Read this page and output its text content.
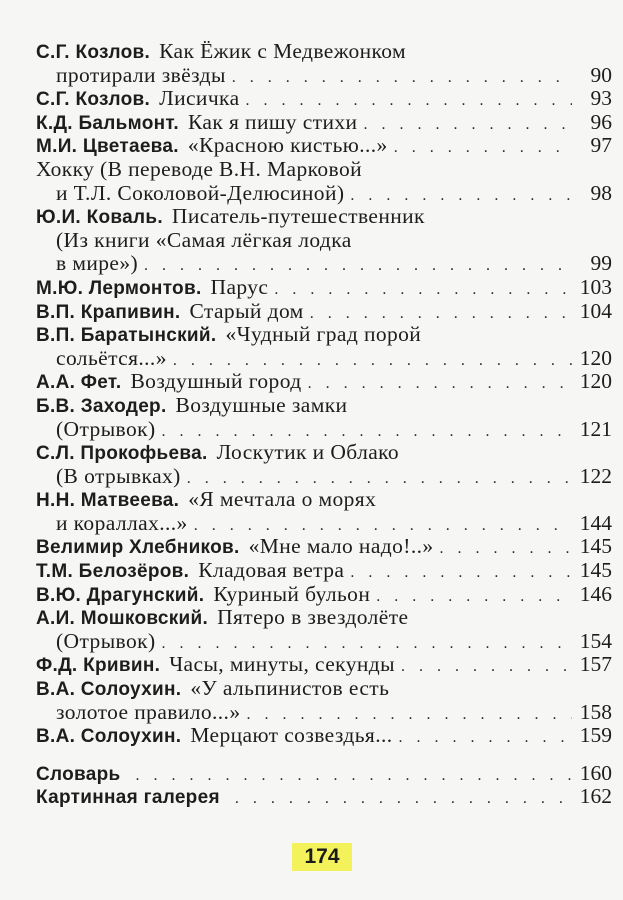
С.Г. Козлов. Как Ёжик с Медвежонком
протирали звёзды . . .	90
С.Г. Козлов. Лисичка . . .	93
К.Д. Бальмонт. Как я пишу стихи . . .	96
М.И. Цветаева. «Красною кистью...» . . .	97
Хокку (В переводе В.Н. Марковой
и Т.Л. Соколовой-Делюсиной) . . .	98
Ю.И. Коваль. Писатель-путешественник
(Из книги «Самая лёгкая лодка
в мире») . . .	99
М.Ю. Лермонтов. Парус . . .	103
В.П. Крапивин. Старый дом . . .	104
В.П. Баратынский. «Чудный град порой
сольётся...» . . .	120
А.А. Фет. Воздушный город . . .	120
Б.В. Заходер. Воздушные замки
(Отрывок) . . .	121
С.Л. Прокофьева. Лоскутик и Облако
(В отрывках) . . .	122
Н.Н. Матвеева. «Я мечтала о морях
и кораллах...» . . .	144
Велимир Хлебников. «Мне мало надо!..» . . .	145
Т.М. Белозёров. Кладовая ветра . . .	145
В.Ю. Драгунский. Куриный бульон . . .	146
А.И. Мошковский. Пятеро в звездолёте
(Отрывок) . . .	154
Ф.Д. Кривин. Часы, минуты, секунды . . .	157
В.А. Солоухин. «У альпинистов есть
золотое правило...» . . .	158
В.А. Солоухин. Мерцают созвездья... . . .	159
Словарь . . .	160
Картинная галерея . . .	162
174
